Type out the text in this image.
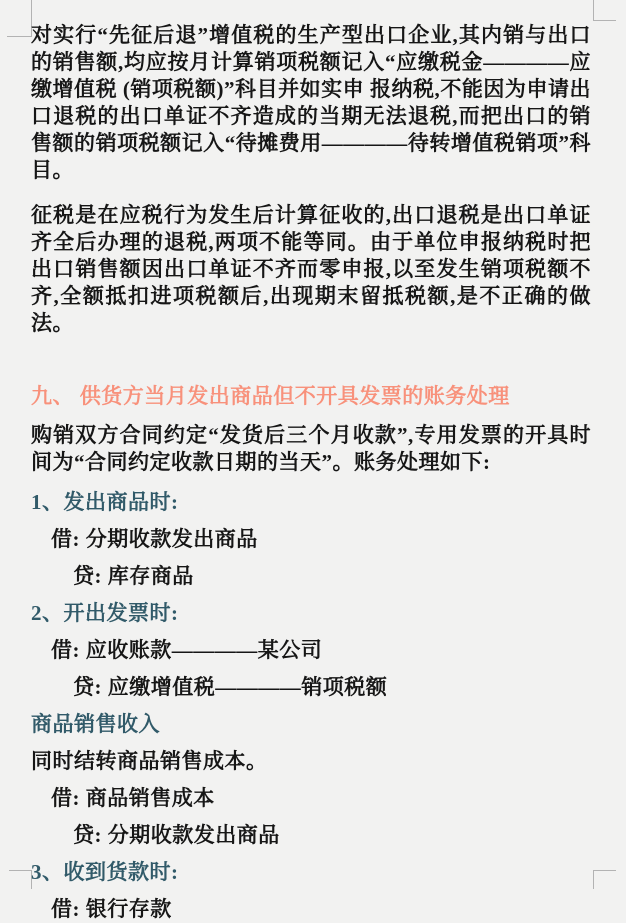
对实行“先征后退”增值税的生产型出口企业,其内销与出口的销售额,均应按月计算销项税额记入“应缴税金————应缴增值税 (销项税额)”科目并如实申 报纳税,不能因为申请出口退税的出口单证不齐造成的当期无法退税,而把出口的销售额的销项税额记入“待摊费用————待转增值税销项”科目。

征税是在应税行为发生后计算征收的,出口退税是出口单证齐全后办理的退税,两项不能等同。由于单位申报纳税时把出口销售额因出口单证不齐而零申报,以至发生销项税额不齐,全额抵扣进项税额后,出现期末留抵税额,是不正确的做法。

九、 供货方当月发出商品但不开具发票的账务处理

购销双方合同约定“发货后三个月收款”,专用发票的开具时间为“合同约定收款日期的当天”。账务处理如下:

1、发出商品时:
借: 分期收款发出商品
贷: 库存商品
2、开出发票时:
借: 应收账款————某公司
贷: 应缴增值税————销项税额
商品销售收入
同时结转商品销售成本。
借: 商品销售成本
贷: 分期收款发出商品
3、收到货款时:
借: 银行存款
